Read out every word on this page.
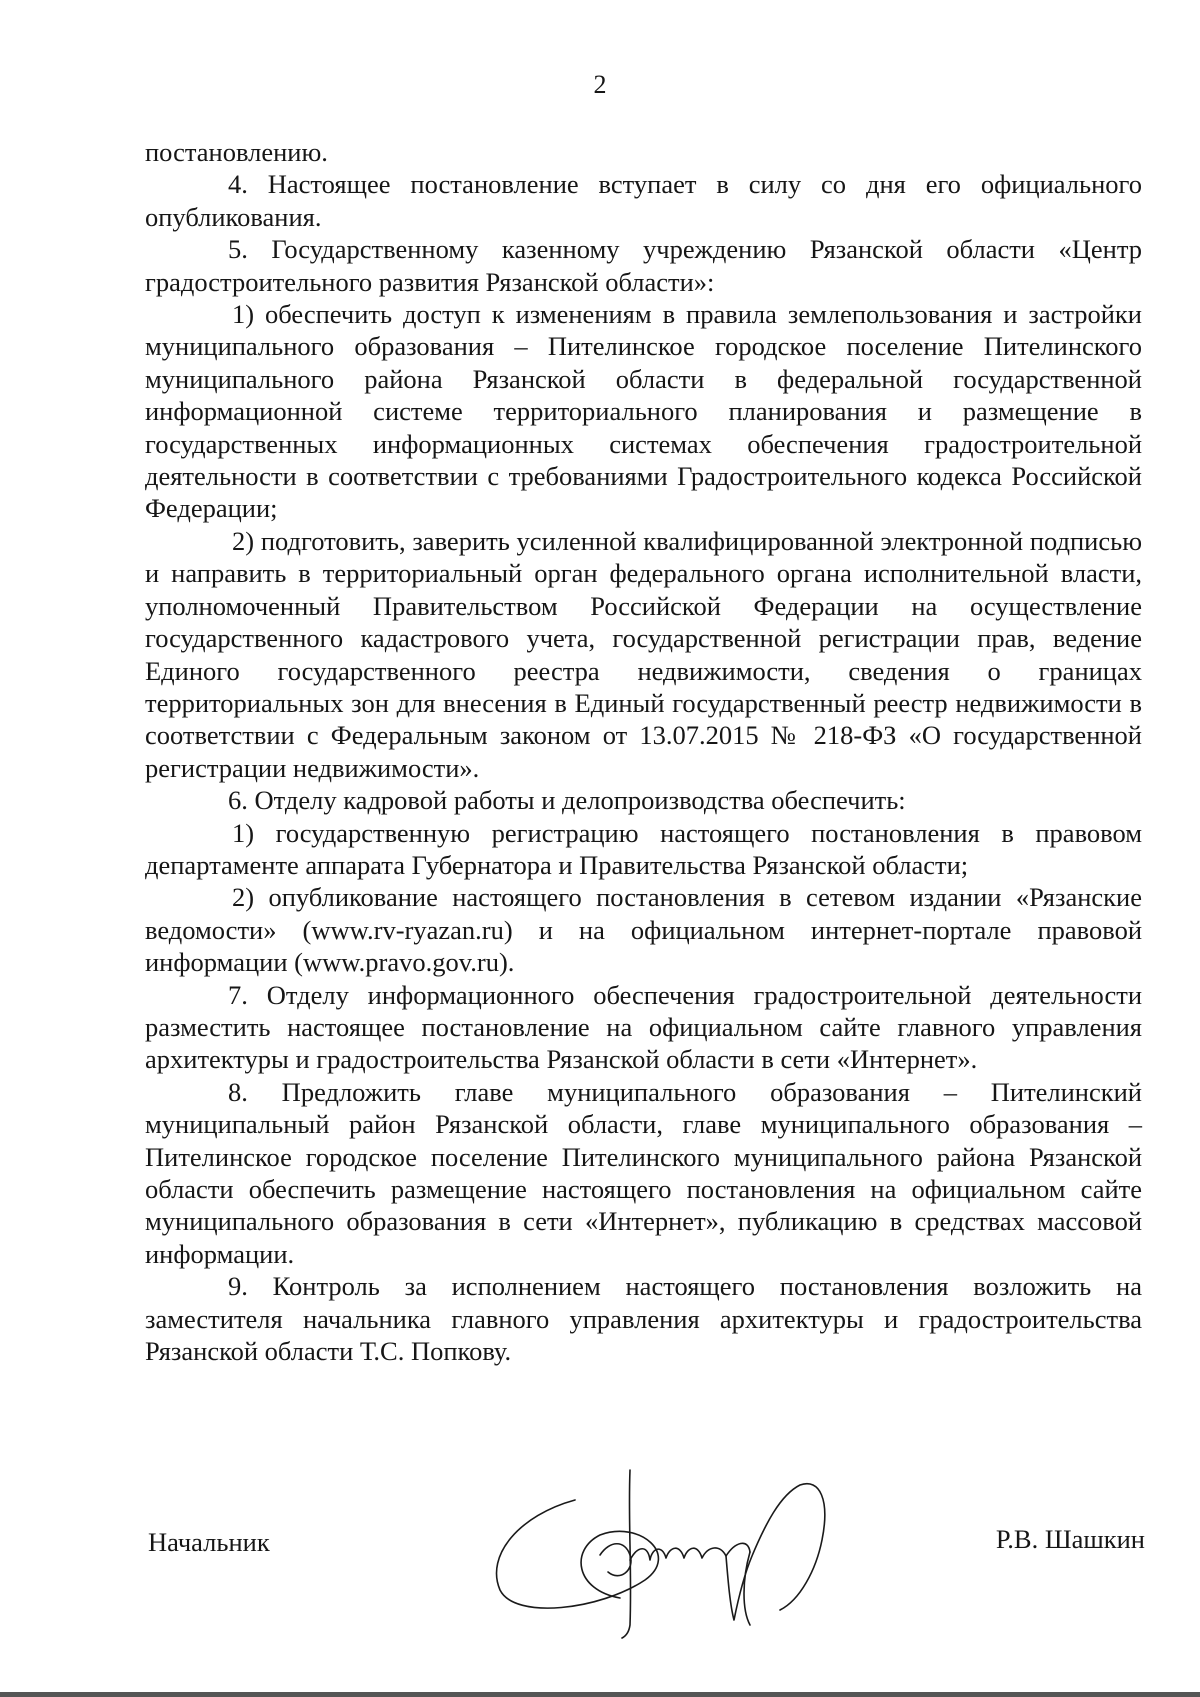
2

постановлению.

4. Настоящее постановление вступает в силу со дня его официального опубликования.

5. Государственному казенному учреждению Рязанской области «Центр градостроительного развития Рязанской области»:

1) обеспечить доступ к изменениям в правила землепользования и застройки муниципального образования – Пителинское городское поселение Пителинского муниципального района Рязанской области в федеральной государственной информационной системе территориального планирования и размещение в государственных информационных системах обеспечения градостроительной деятельности в соответствии с требованиями Градостроительного кодекса Российской Федерации;

2) подготовить, заверить усиленной квалифицированной электронной подписью и направить в территориальный орган федерального органа исполнительной власти, уполномоченный Правительством Российской Федерации на осуществление государственного кадастрового учета, государственной регистрации прав, ведение Единого государственного реестра недвижимости, сведения о границах территориальных зон для внесения в Единый государственный реестр недвижимости в соответствии с Федеральным законом от 13.07.2015 № 218-ФЗ «О государственной регистрации недвижимости».

6. Отделу кадровой работы и делопроизводства обеспечить:

1) государственную регистрацию настоящего постановления в правовом департаменте аппарата Губернатора и Правительства Рязанской области;

2) опубликование настоящего постановления в сетевом издании «Рязанские ведомости» (www.rv-ryazan.ru) и на официальном интернет-портале правовой информации (www.pravo.gov.ru).

7. Отделу информационного обеспечения градостроительной деятельности разместить настоящее постановление на официальном сайте главного управления архитектуры и градостроительства Рязанской области в сети «Интернет».

8. Предложить главе муниципального образования – Пителинский муниципальный район Рязанской области, главе муниципального образования – Пителинское городское поселение Пителинского муниципального района Рязанской области обеспечить размещение настоящего постановления на официальном сайте муниципального образования в сети «Интернет», публикацию в средствах массовой информации.

9. Контроль за исполнением настоящего постановления возложить на заместителя начальника главного управления архитектуры и градостроительства Рязанской области Т.С. Попкову.

Начальник	Р.В. Шашкин
